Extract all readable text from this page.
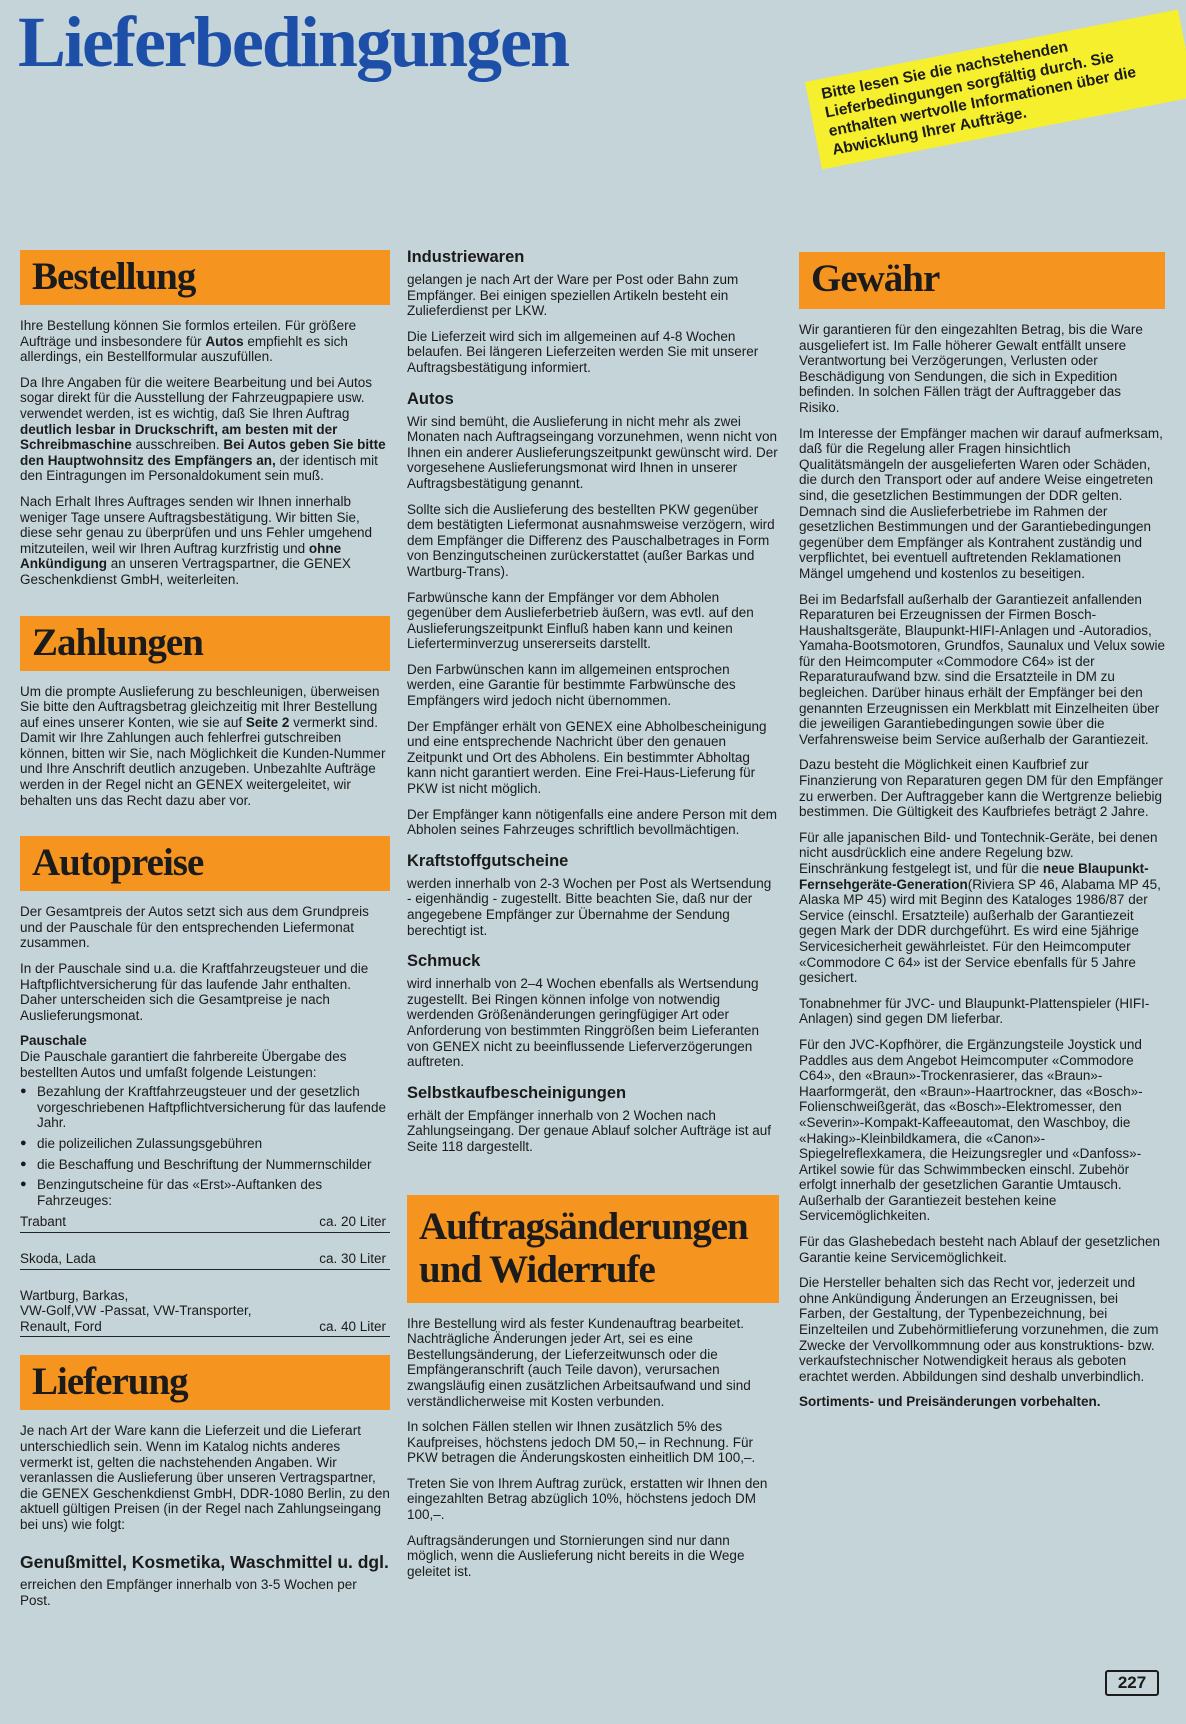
Lieferbedingungen	Bitte lesen Sie die nachstehenden Lieferbedingungen sorgfältig durch. Sie enthalten wertvolle Informationen über die Abwicklung Ihrer Aufträge.
Bestellung

Ihre Bestellung können Sie formlos erteilen. Für größere Aufträge und insbesondere für Autos empfiehlt es sich allerdings, ein Bestellformular auszufüllen.

Da Ihre Angaben für die weitere Bearbeitung und bei Autos sogar direkt für die Ausstellung der Fahrzeugpapiere usw. verwendet werden, ist es wichtig, daß Sie Ihren Auftrag deutlich lesbar in Druckschrift, am besten mit der Schreibmaschine ausschreiben. Bei Autos geben Sie bitte den Hauptwohnsitz des Empfängers an, der identisch mit den Eintragungen im Personaldokument sein muß.

Nach Erhalt Ihres Auftrages senden wir Ihnen innerhalb weniger Tage unsere Auftragsbestätigung. Wir bitten Sie, diese sehr genau zu überprüfen und uns Fehler umgehend mitzuteilen, weil wir Ihren Auftrag kurzfristig und ohne Ankündigung an unseren Vertragspartner, die GENEX Geschenkdienst GmbH, weiterleiten.

Zahlungen

Um die prompte Auslieferung zu beschleunigen, überweisen Sie bitte den Auftragsbetrag gleichzeitig mit Ihrer Bestellung auf eines unserer Konten, wie sie auf Seite 2 vermerkt sind. Damit wir Ihre Zahlungen auch fehlerfrei gutschreiben können, bitten wir Sie, nach Möglichkeit die Kunden-Nummer und Ihre Anschrift deutlich anzugeben. Unbezahlte Aufträge werden in der Regel nicht an GENEX weitergeleitet, wir behalten uns das Recht dazu aber vor.

Autopreise

Der Gesamtpreis der Autos setzt sich aus dem Grundpreis und der Pauschale für den entsprechenden Liefermonat zusammen.

In der Pauschale sind u.a. die Kraftfahrzeugsteuer und die Haftpflichtversicherung für das laufende Jahr enthalten. Daher unterscheiden sich die Gesamtpreise je nach Auslieferungsmonat.

Pauschale

Die Pauschale garantiert die fahrbereite Übergabe des bestellten Autos und umfaßt folgende Leistungen:

● Bezahlung der Kraftfahrzeugsteuer und der gesetzlich vorgeschriebenen Haftpflichtversicherung für das laufende Jahr.
● die polizeilichen Zulassungsgebühren
● die Beschaffung und Beschriftung der Nummernschilder
● Benzingutscheine für das «Erst»-Auftanken des Fahrzeuges:
Trabant	ca. 20 Liter
Skoda, Lada	ca. 30 Liter
Wartburg, Barkas,
VW-Golf,VW -Passat, VW-Transporter,
Renault, Ford	ca. 40 Liter
Lieferung

Je nach Art der Ware kann die Lieferzeit und die Lieferart unterschiedlich sein. Wenn im Katalog nichts anderes vermerkt ist, gelten die nachstehenden Angaben. Wir veranlassen die Auslieferung über unseren Vertragspartner, die GENEX Geschenkdienst GmbH, DDR-1080 Berlin, zu den aktuell gültigen Preisen (in der Regel nach Zahlungseingang bei uns) wie folgt:

Genußmittel, Kosmetika, Waschmittel u. dgl.

erreichen den Empfänger innerhalb von 3-5 Wochen per Post.

Industriewaren

gelangen je nach Art der Ware per Post oder Bahn zum Empfänger. Bei einigen speziellen Artikeln besteht ein Zulieferdienst per LKW.

Die Lieferzeit wird sich im allgemeinen auf 4-8 Wochen belaufen. Bei längeren Lieferzeiten werden Sie mit unserer Auftragsbestätigung informiert.

Autos

Wir sind bemüht, die Auslieferung in nicht mehr als zwei Monaten nach Auftragseingang vorzunehmen, wenn nicht von Ihnen ein anderer Auslieferungszeitpunkt gewünscht wird. Der vorgesehene Auslieferungsmonat wird Ihnen in unserer Auftragsbestätigung genannt.

Sollte sich die Auslieferung des bestellten PKW gegenüber dem bestätigten Liefermonat ausnahmsweise verzögern, wird dem Empfänger die Differenz des Pauschalbetrages in Form von Benzingutscheinen zurückerstattet (außer Barkas und Wartburg-Trans).

Farbwünsche kann der Empfänger vor dem Abholen gegenüber dem Auslieferbetrieb äußern, was evtl. auf den Auslieferungszeitpunkt Einfluß haben kann und keinen Lieferterminverzug unsererseits darstellt.

Den Farbwünschen kann im allgemeinen entsprochen werden, eine Garantie für bestimmte Farbwünsche des Empfängers wird jedoch nicht übernommen.

Der Empfänger erhält von GENEX eine Abholbescheinigung und eine entsprechende Nachricht über den genauen Zeitpunkt und Ort des Abholens. Ein bestimmter Abholtag kann nicht garantiert werden. Eine Frei-Haus-Lieferung für PKW ist nicht möglich.

Der Empfänger kann nötigenfalls eine andere Person mit dem Abholen seines Fahrzeuges schriftlich bevollmächtigen.

Kraftstoffgutscheine

werden innerhalb von 2-3 Wochen per Post als Wertsendung - eigenhändig - zugestellt. Bitte beachten Sie, daß nur der angegebene Empfänger zur Übernahme der Sendung berechtigt ist.

Schmuck

wird innerhalb von 2–4 Wochen ebenfalls als Wertsendung zugestellt. Bei Ringen können infolge von notwendig werdenden Größenänderungen geringfügiger Art oder Anforderung von bestimmten Ringgrößen beim Lieferanten von GENEX nicht zu beeinflussende Lieferverzögerungen auftreten.

Selbstkaufbescheinigungen

erhält der Empfänger innerhalb von 2 Wochen nach Zahlungseingang. Der genaue Ablauf solcher Aufträge ist auf Seite 118 dargestellt.

Auftragsänderungen
und Widerrufe

Ihre Bestellung wird als fester Kundenauftrag bearbeitet. Nachträgliche Änderungen jeder Art, sei es eine Bestellungsänderung, der Lieferzeitwunsch oder die Empfängeranschrift (auch Teile davon), verursachen zwangsläufig einen zusätzlichen Arbeitsaufwand und sind verständlicherweise mit Kosten verbunden.

In solchen Fällen stellen wir Ihnen zusätzlich 5% des Kaufpreises, höchstens jedoch DM 50,– in Rechnung. Für PKW betragen die Änderungskosten einheitlich DM 100,–.

Treten Sie von Ihrem Auftrag zurück, erstatten wir Ihnen den eingezahlten Betrag abzüglich 10%, höchstens jedoch DM 100,–.

Auftragsänderungen und Stornierungen sind nur dann möglich, wenn die Auslieferung nicht bereits in die Wege geleitet ist.

Gewähr

Wir garantieren für den eingezahlten Betrag, bis die Ware ausgeliefert ist. Im Falle höherer Gewalt entfällt unsere Verantwortung bei Verzögerungen, Verlusten oder Beschädigung von Sendungen, die sich in Expedition befinden. In solchen Fällen trägt der Auftraggeber das Risiko.

Im Interesse der Empfänger machen wir darauf aufmerksam, daß für die Regelung aller Fragen hinsichtlich Qualitätsmängeln der ausgelieferten Waren oder Schäden, die durch den Transport oder auf andere Weise eingetreten sind, die gesetzlichen Bestimmungen der DDR gelten. Demnach sind die Auslieferbetriebe im Rahmen der gesetzlichen Bestimmungen und der Garantiebedingungen gegenüber dem Empfänger als Kontrahent zuständig und verpflichtet, bei eventuell auftretenden Reklamationen Mängel umgehend und kostenlos zu beseitigen.

Bei im Bedarfsfall außerhalb der Garantiezeit anfallenden Reparaturen bei Erzeugnissen der Firmen Bosch-Haushaltsgeräte, Blaupunkt-HIFI-Anlagen und -Autoradios, Yamaha-Bootsmotoren, Grundfos, Saunalux und Velux sowie für den Heimcomputer «Commodore C64» ist der Reparaturaufwand bzw. sind die Ersatzteile in DM zu begleichen. Darüber hinaus erhält der Empfänger bei den genannten Erzeugnissen ein Merkblatt mit Einzelheiten über die jeweiligen Garantiebedingungen sowie über die Verfahrensweise beim Service außerhalb der Garantiezeit.

Dazu besteht die Möglichkeit einen Kaufbrief zur Finanzierung von Reparaturen gegen DM für den Empfänger zu erwerben. Der Auftraggeber kann die Wertgrenze beliebig bestimmen. Die Gültigkeit des Kaufbriefes beträgt 2 Jahre.

Für alle japanischen Bild- und Tontechnik-Geräte, bei denen nicht ausdrücklich eine andere Regelung bzw. Einschränkung festgelegt ist, und für die neue Blaupunkt-Fernsehgeräte-Generation(Riviera SP 46, Alabama MP 45, Alaska MP 45) wird mit Beginn des Kataloges 1986/87 der Service (einschl. Ersatzteile) außerhalb der Garantiezeit gegen Mark der DDR durchgeführt. Es wird eine 5jährige Servicesicherheit gewährleistet. Für den Heimcomputer «Commodore C 64» ist der Service ebenfalls für 5 Jahre gesichert.

Tonabnehmer für JVC- und Blaupunkt-Plattenspieler (HIFI-Anlagen) sind gegen DM lieferbar.

Für den JVC-Kopfhörer, die Ergänzungsteile Joystick und Paddles aus dem Angebot Heimcomputer «Commodore C64», den «Braun»-Trockenrasierer, das «Braun»-Haarformgerät, den «Braun»-Haartrockner, das «Bosch»-Folienschweißgerät, das «Bosch»-Elektromesser, den «Severin»-Kompakt-Kaffeeautomat, den Waschboy, die «Haking»-Kleinbildkamera, die «Canon»-Spiegelreflexkamera, die Heizungsregler und «Danfoss»-Artikel sowie für das Schwimmbecken einschl. Zubehör erfolgt innerhalb der gesetzlichen Garantie Umtausch. Außerhalb der Garantiezeit bestehen keine Servicemöglichkeiten.

Für das Glashebedach besteht nach Ablauf der gesetzlichen Garantie keine Servicemöglichkeit.

Die Hersteller behalten sich das Recht vor, jederzeit und ohne Ankündigung Änderungen an Erzeugnissen, bei Farben, der Gestaltung, der Typenbezeichnung, bei Einzelteilen und Zubehörmitlieferung vorzunehmen, die zum Zwecke der Vervollkommnung oder aus konstruktions- bzw. verkaufstechnischer Notwendigkeit heraus als geboten erachtet werden. Abbildungen sind deshalb unverbindlich.

Sortiments- und Preisänderungen vorbehalten.

227
